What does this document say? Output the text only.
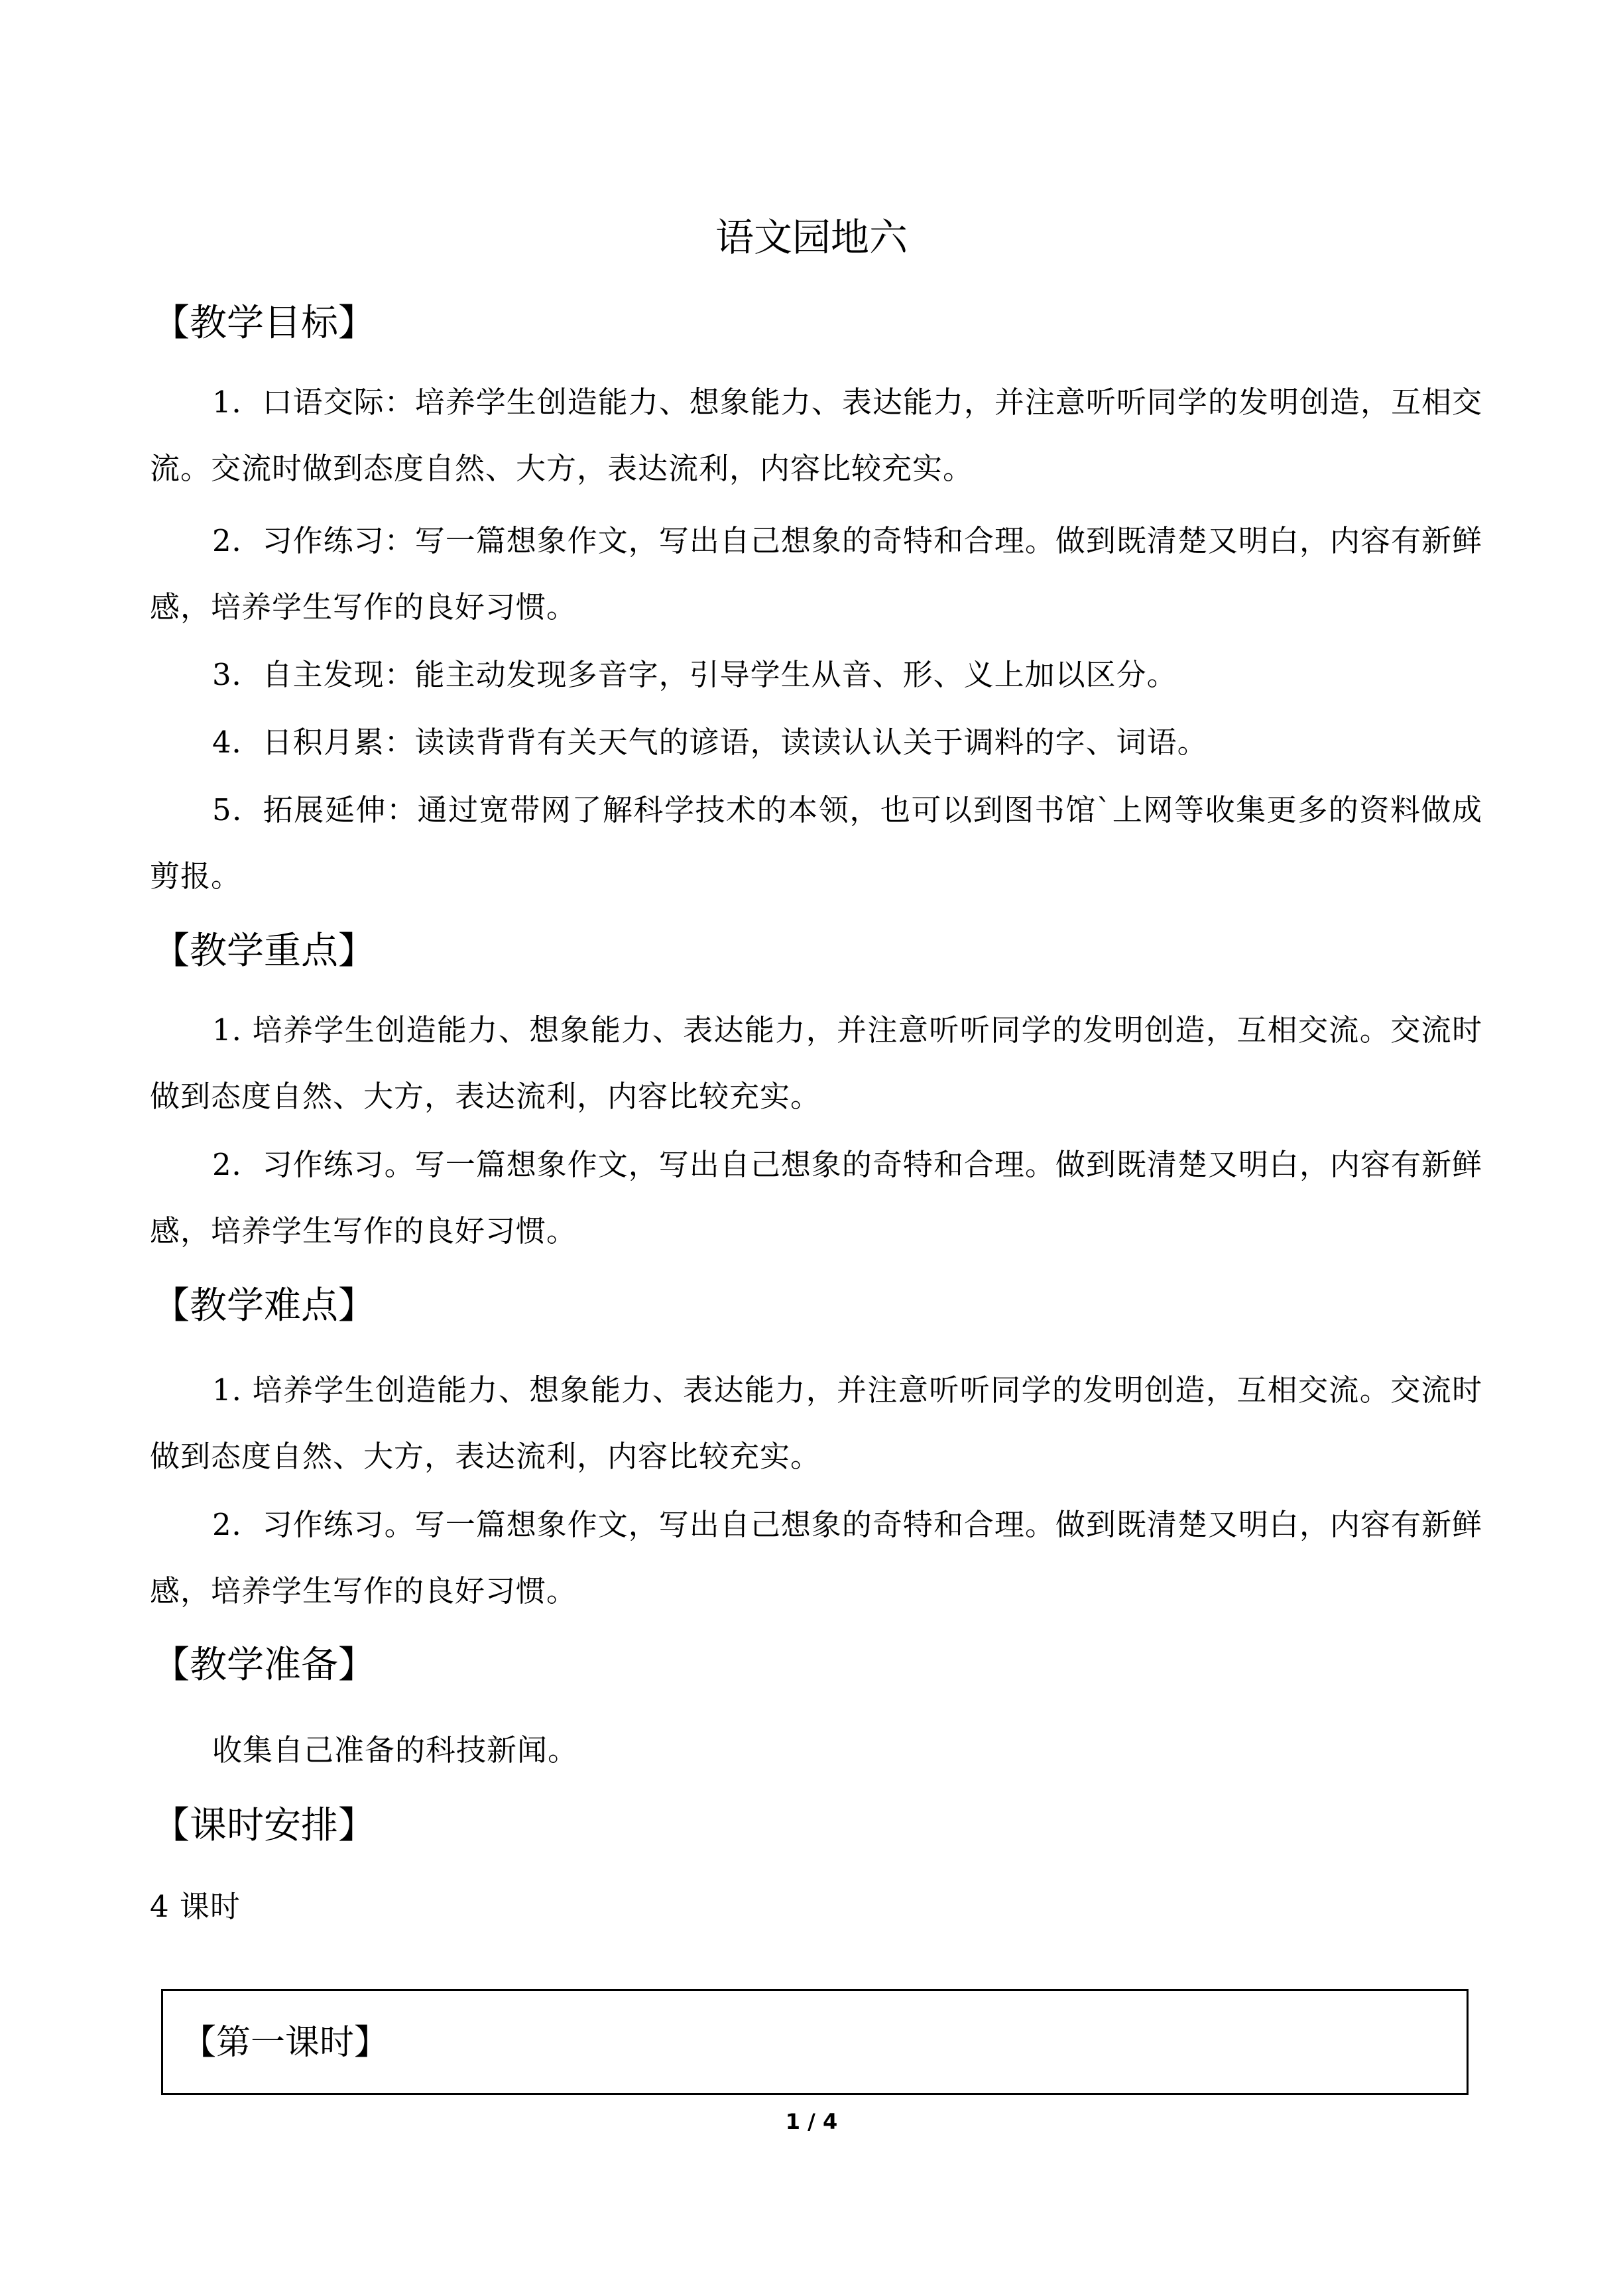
语文园地六
【教学目标】
1．口语交际：培养学生创造能力、想象能力、表达能力，并注意听听同学的发明创造，互相交流。交流时做到态度自然、大方，表达流利，内容比较充实。
2．习作练习：写一篇想象作文，写出自己想象的奇特和合理。做到既清楚又明白，内容有新鲜感，培养学生写作的良好习惯。
3．自主发现：能主动发现多音字，引导学生从音、形、义上加以区分。
4．日积月累：读读背背有关天气的谚语，读读认认关于调料的字、词语。
5．拓展延伸：通过宽带网了解科学技术的本领，也可以到图书馆`上网等收集更多的资料做成剪报。
【教学重点】
1. 培养学生创造能力、想象能力、表达能力，并注意听听同学的发明创造，互相交流。交流时做到态度自然、大方，表达流利，内容比较充实。
2．习作练习。写一篇想象作文，写出自己想象的奇特和合理。做到既清楚又明白，内容有新鲜感，培养学生写作的良好习惯。
【教学难点】
1. 培养学生创造能力、想象能力、表达能力，并注意听听同学的发明创造，互相交流。交流时做到态度自然、大方，表达流利，内容比较充实。
2．习作练习。写一篇想象作文，写出自己想象的奇特和合理。做到既清楚又明白，内容有新鲜感，培养学生写作的良好习惯。
【教学准备】
收集自己准备的科技新闻。
【课时安排】
4 课时
【第一课时】
1 / 4
